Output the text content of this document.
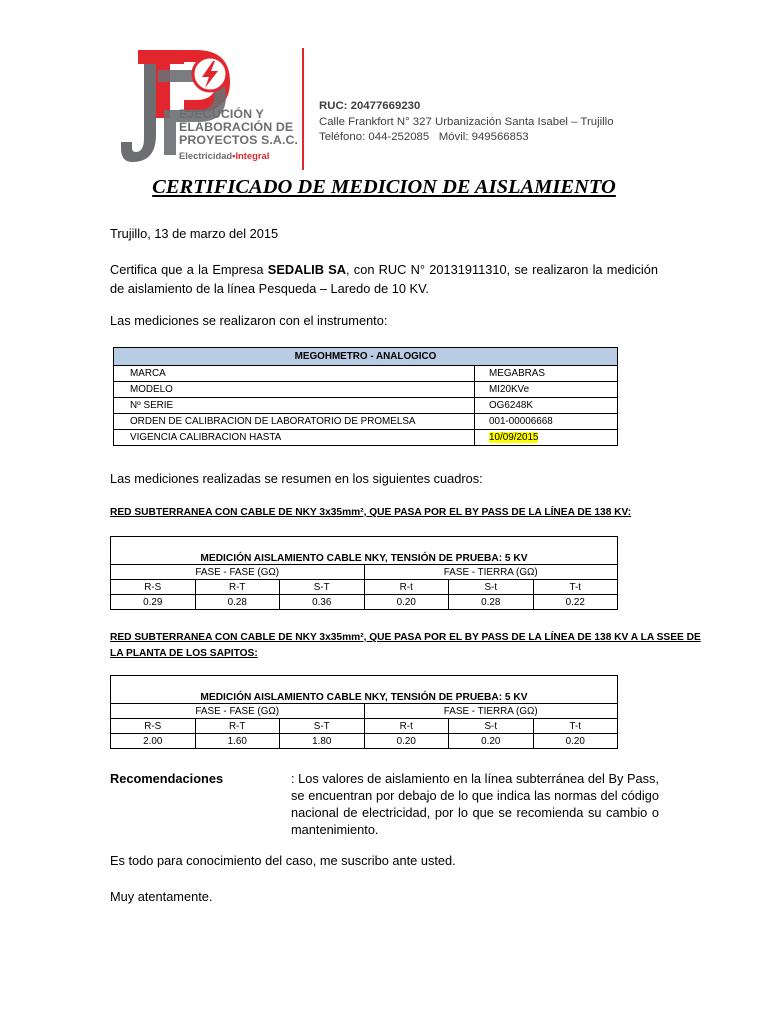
EJECUCIÓN Y
ELABORACIÓN DE
PROYECTOS S.A.C.
Electricidad•Integral
RUC: 20477669230
Calle Frankfort N° 327 Urbanización Santa Isabel – Trujillo
Teléfono: 044-252085   Móvil: 949566853
CERTIFICADO DE MEDICION DE AISLAMIENTO
Trujillo, 13 de marzo del 2015
Certifica que a la Empresa SEDALIB SA, con RUC N° 20131911310, se realizaron la medición de aislamiento de la línea Pesqueda – Laredo de 10 KV.
Las mediciones se realizaron con el instrumento:
MEGOHMETRO - ANALOGICO	
MARCA	MEGABRAS
MODELO	MI20KVe
Nº SERIE	OG6248K
ORDEN DE CALIBRACION DE LABORATORIO DE PROMELSA	001-00006668
VIGENCIA CALIBRACION HASTA	10/09/2015
Las mediciones realizadas se resumen en los siguientes cuadros:
RED SUBTERRANEA CON CABLE DE NKY 3x35mm², QUE PASA POR EL BY PASS DE LA LÍNEA DE 138 KV:
MEDICIÓN AISLAMIENTO CABLE NKY, TENSIÓN DE PRUEBA: 5 KV					
FASE - FASE (GΩ)			FASE - TIERRA (GΩ)		
R-S	R-T	S-T	R-t	S-t	T-t
0.29	0.28	0.36	0.20	0.28	0.22
RED SUBTERRANEA CON CABLE DE NKY 3x35mm², QUE PASA POR EL BY PASS DE LA LÍNEA DE 138 KV A LA SSEE DE
LA PLANTA DE LOS SAPITOS:
MEDICIÓN AISLAMIENTO CABLE NKY, TENSIÓN DE PRUEBA: 5 KV					
FASE - FASE (GΩ)			FASE - TIERRA (GΩ)		
R-S	R-T	S-T	R-t	S-t	T-t
2.00	1.60	1.80	0.20	0.20	0.20
Recomendaciones	: Los valores de aislamiento en la línea subterránea del By Pass, se encuentran por debajo de lo que indica las normas del código nacional de electricidad, por lo que se recomienda su cambio o mantenimiento.
Es todo para conocimiento del caso, me suscribo ante usted.
Muy atentamente.
